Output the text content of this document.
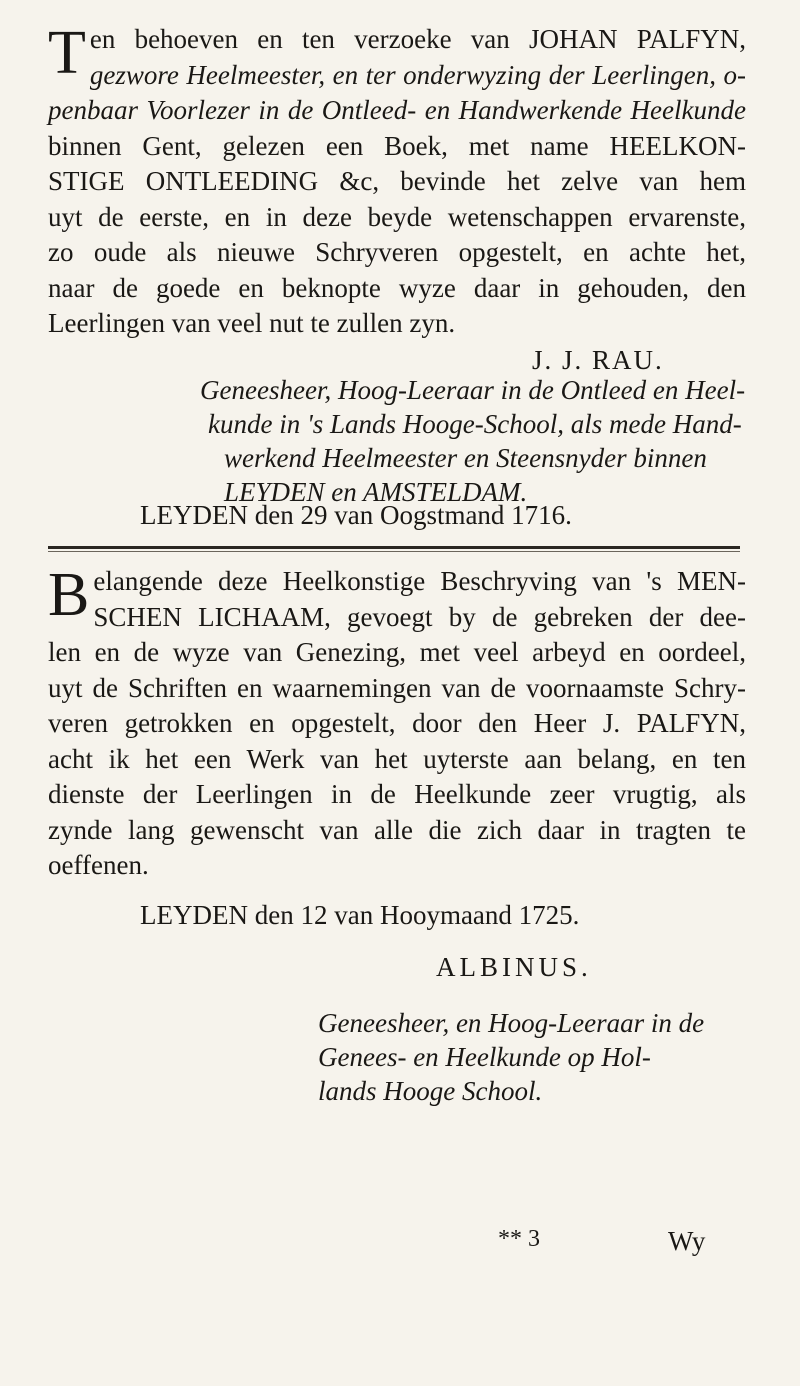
T en behoeven en ten verzoeke van JOHAN PALFYN,
gezwore Heelmeester, en ter onderwyzing der Leerlingen, o-
penbaar Voorlezer in de Ontleed- en Handwerkende Heelkunde
binnen Gent, gelezen een Boek, met name HEELKON-
STIGE ONTLEEDING &c, bevinde het zelve van hem
uyt de eerste, en in deze beyde wetenschappen ervarenste,
zo oude als nieuwe Schryveren opgestelt, en achte het,
naar de goede en beknopte wyze daar in gehouden, den
Leerlingen van veel nut te zullen zyn.
J. J. RAU.
Geneesheer, Hoog-Leeraar in de Ontleed en Heel-
kunde in 's Lands Hooge-School, als mede Hand-
werkend Heelmeester en Steensnyder binnen
LEYDEN en AMSTELDAM.
LEYDEN den 29 van Oogstmand 1716.
B elangende deze Heelkonstige Beschryving van 's MEN-
SCHEN LICHAAM, gevoegt by de gebreken der dee-
len en de wyze van Genezing, met veel arbeyd en oordeel,
uyt de Schriften en waarnemingen van de voornaamste Schry-
veren getrokken en opgestelt, door den Heer J. PALFYN,
acht ik het een Werk van het uyterste aan belang, en ten
dienste der Leerlingen in de Heelkunde zeer vrugtig, als
zynde lang gewenscht van alle die zich daar in tragten te
oeffenen.
LEYDEN den 12 van Hooymaand 1725.
ALBINUS.
Geneesheer, en Hoog-Leeraar in de
Genees- en Heelkunde op Hol-
lands Hooge School.
** 3	Wy
